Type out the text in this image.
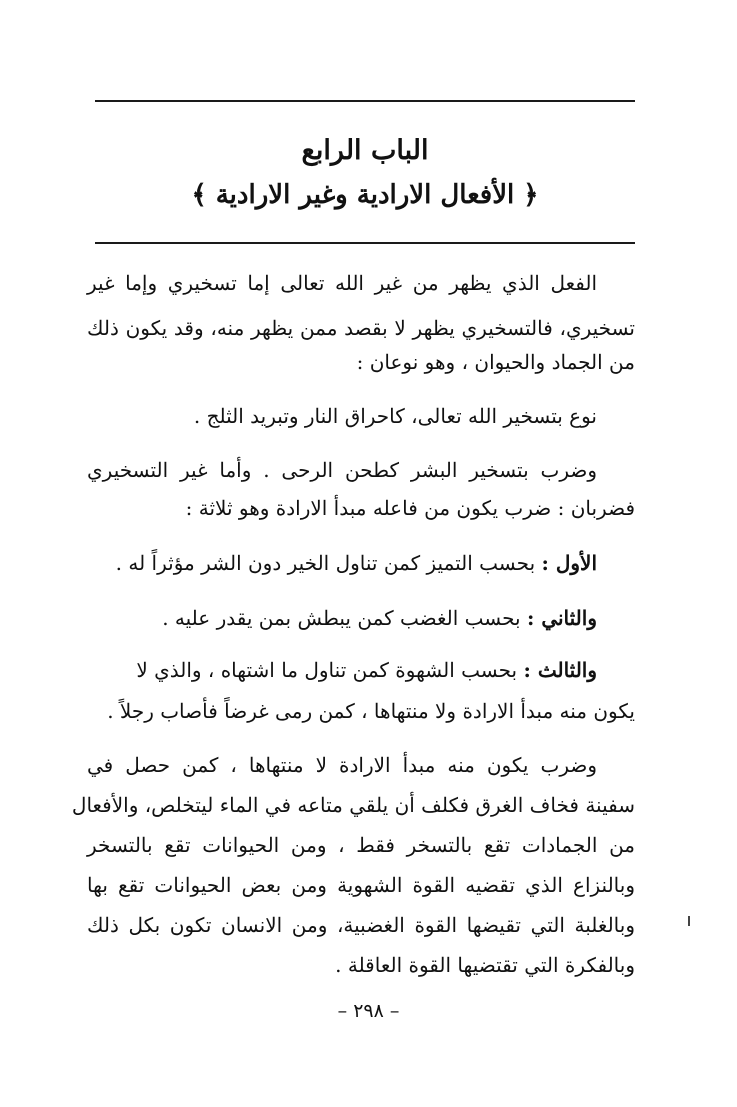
الباب الرابع
﴿ الأفعال الارادية وغير الارادية ﴾
الفعل الذي يظهر من غير الله تعالى إما تسخيري وإما غير
تسخيري، فالتسخيري يظهر لا بقصد ممن يظهر منه، وقد يكون ذلك
من الجماد والحيوان ، وهو نوعان :
نوع بتسخير الله تعالى، كاحراق النار وتبريد الثلج .
وضرب بتسخير البشر كطحن الرحى . وأما غير التسخيري
فضربان : ضرب يكون من فاعله مبدأ الارادة وهو ثلاثة :
الأول : بحسب التميز كمن تناول الخير دون الشر مؤثراً له .
والثاني : بحسب الغضب كمن يبطش بمن يقدر عليه .
والثالث : بحسب الشهوة كمن تناول ما اشتهاه ، والذي لا
يكون منه مبدأ الارادة ولا منتهاها ، كمن رمى غرضاً فأصاب رجلاً .
وضرب يكون منه مبدأ الارادة لا منتهاها ، كمن حصل في
سفينة فخاف الغرق فكلف أن يلقي متاعه في الماء ليتخلص، والأفعال
من الجمادات تقع بالتسخر فقط ، ومن الحيوانات تقع بالتسخر
وبالنزاع الذي تقضيه القوة الشهوية ومن بعض الحيوانات تقع بها
وبالغلبة التي تقيضها القوة الغضبية، ومن الانسان تكون بكل ذلك
وبالفكرة التي تقتضيها القوة العاقلة .
– ٢٩٨ –
